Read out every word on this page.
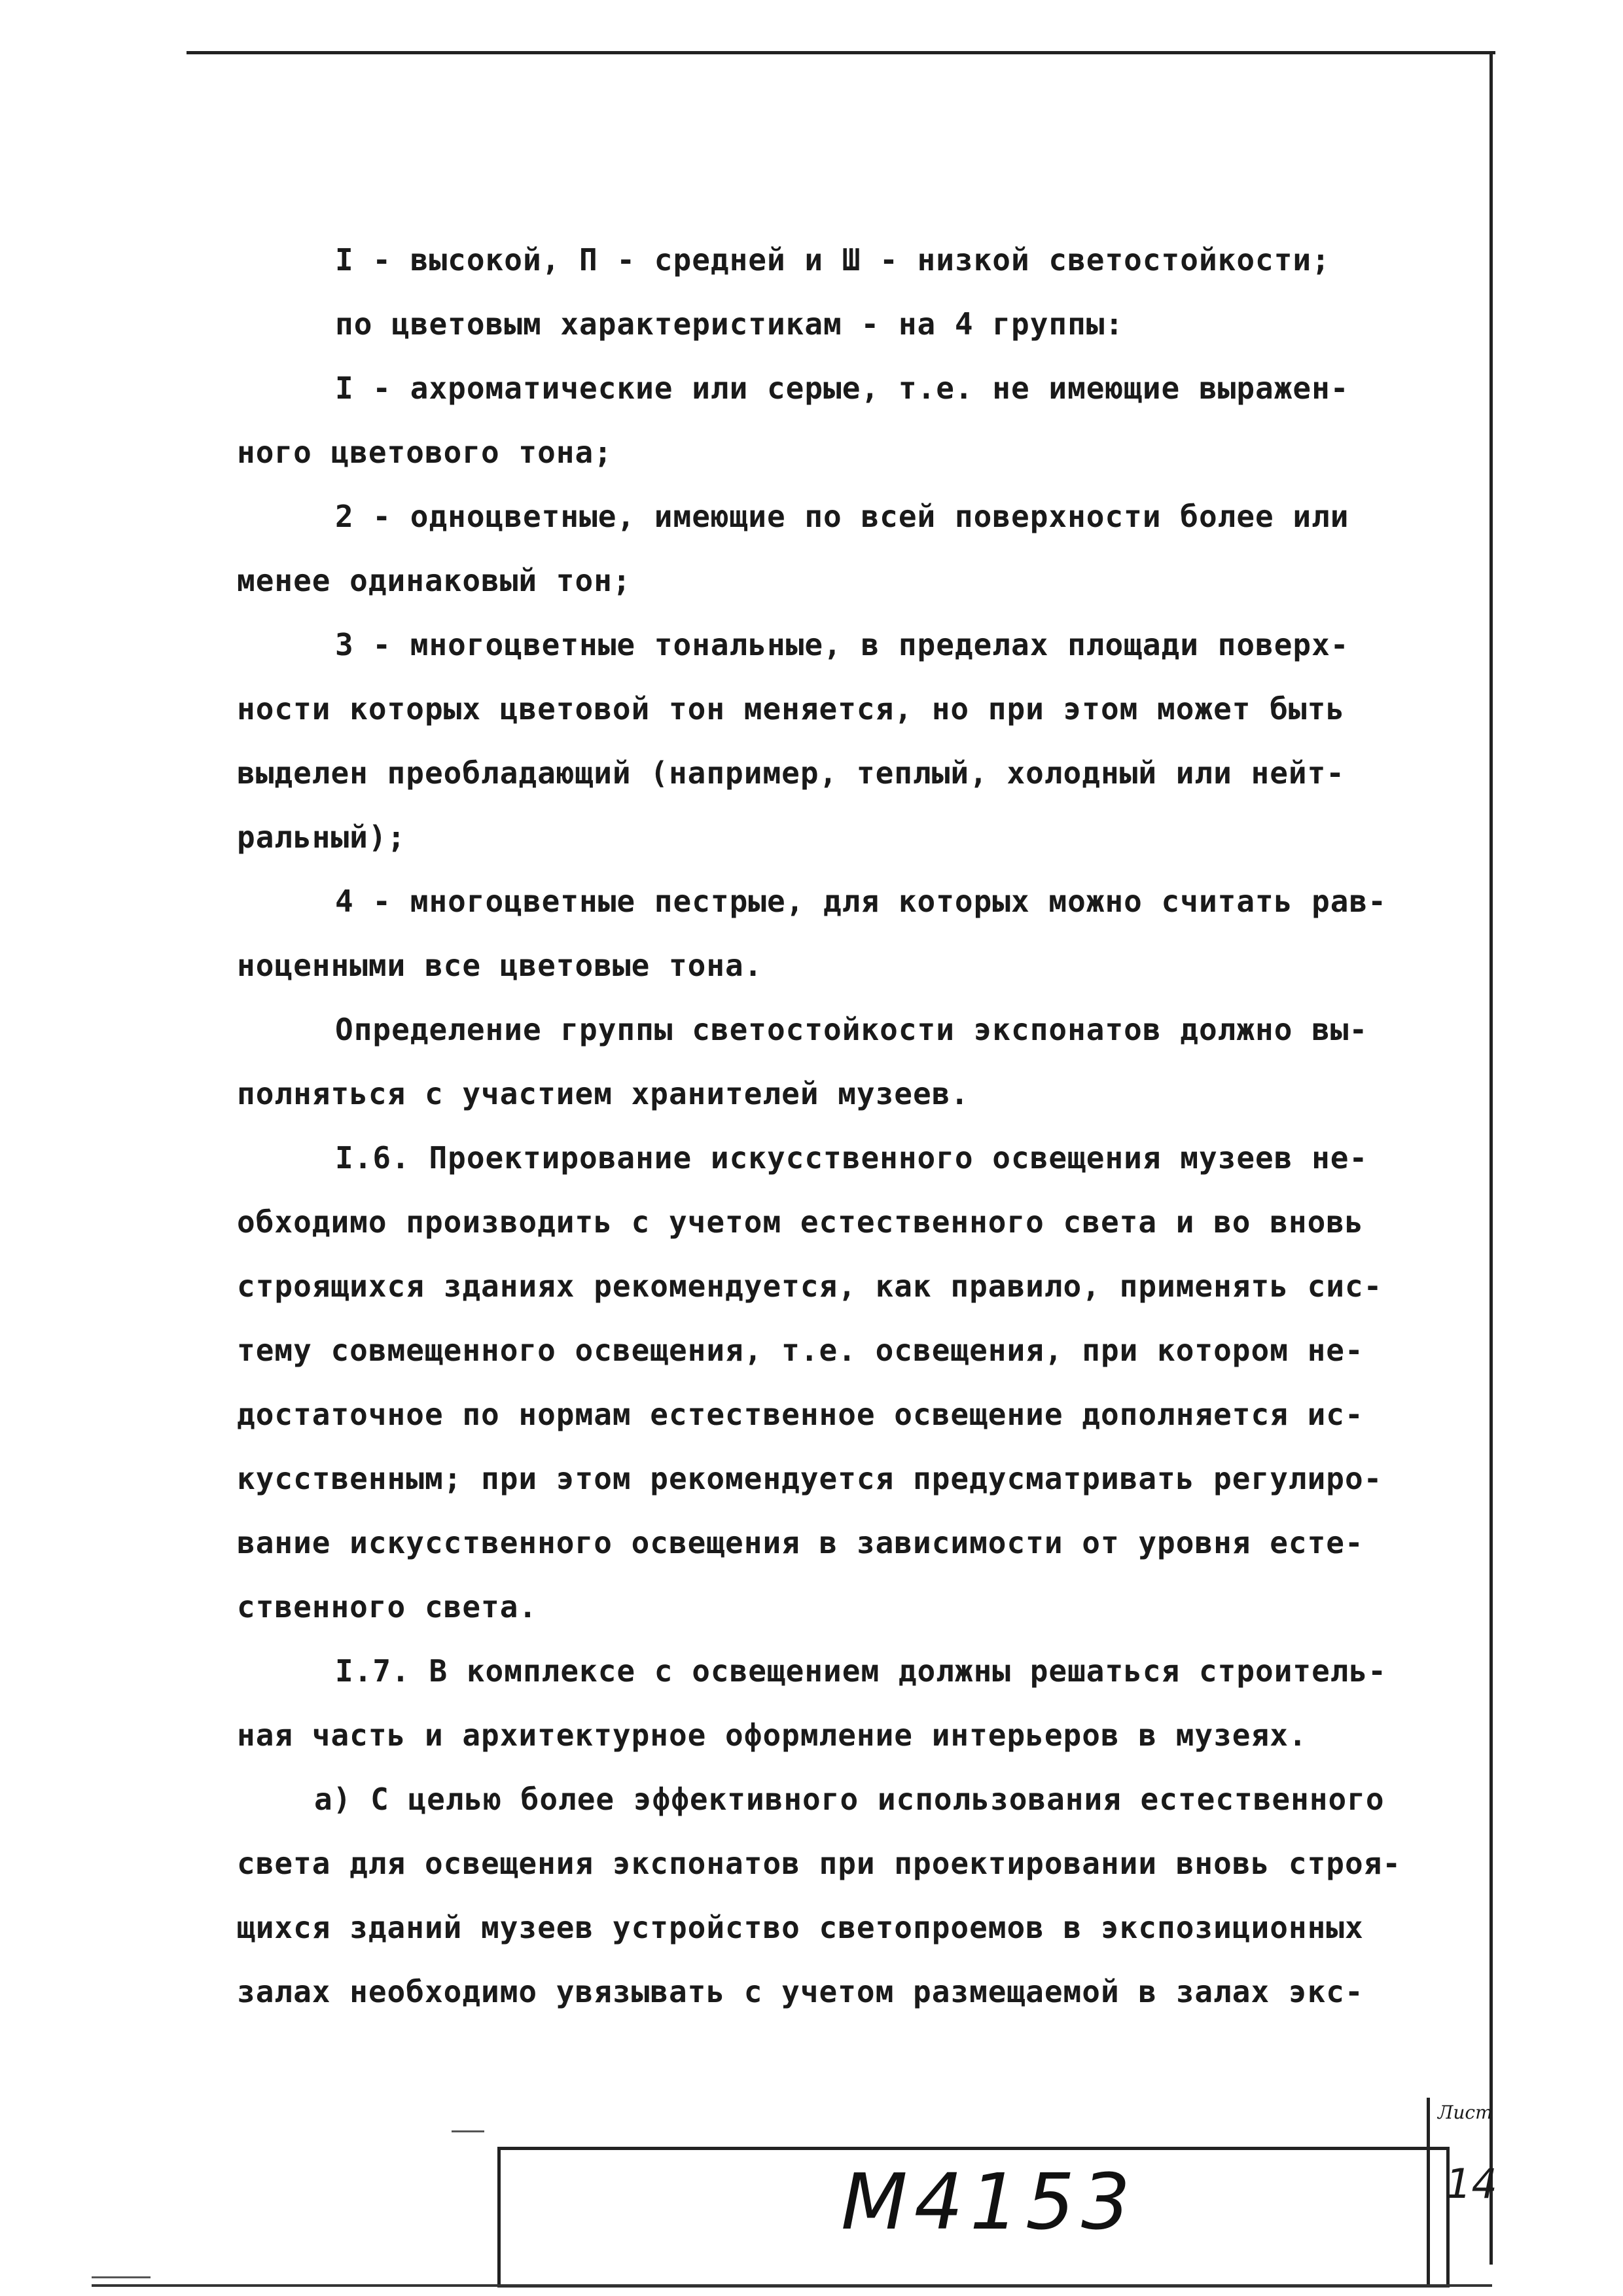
I - высокой, П - средней и Ш - низкой светостойкости;
по цветовым характеристикам - на 4 группы:
I - ахроматические или серые, т.е. не имеющие выражен-
ного цветового тона;
2 - одноцветные, имеющие по всей поверхности более или
менее одинаковый тон;
3 - многоцветные тональные, в пределах площади поверх-
ности которых цветовой тон меняется, но при этом может быть
выделен преобладающий (например, теплый, холодный или нейт-
ральный);
4 - многоцветные пестрые, для которых можно считать рав-
ноценными все цветовые тона.
Определение группы светостойкости экспонатов должно вы-
полняться с участием хранителей музеев.
I.6. Проектирование искусственного освещения музеев не-
обходимо производить с учетом естественного света и во вновь
строящихся зданиях рекомендуется, как правило, применять сис-
тему совмещенного освещения, т.е. освещения, при котором не-
достаточное по нормам естественное освещение дополняется ис-
кусственным; при этом рекомендуется предусматривать регулиро-
вание искусственного освещения в зависимости от уровня есте-
ственного света.
I.7. В комплексе с освещением должны решаться строитель-
ная часть и архитектурное оформление интерьеров в музеях.
а) С целью более эффективного использования естественного
света для освещения экспонатов при проектировании вновь строя-
щихся зданий музеев устройство светопроемов в экспозиционных
залах необходимо увязывать с учетом размещаемой в залах экс-
М4153
Лист
14
